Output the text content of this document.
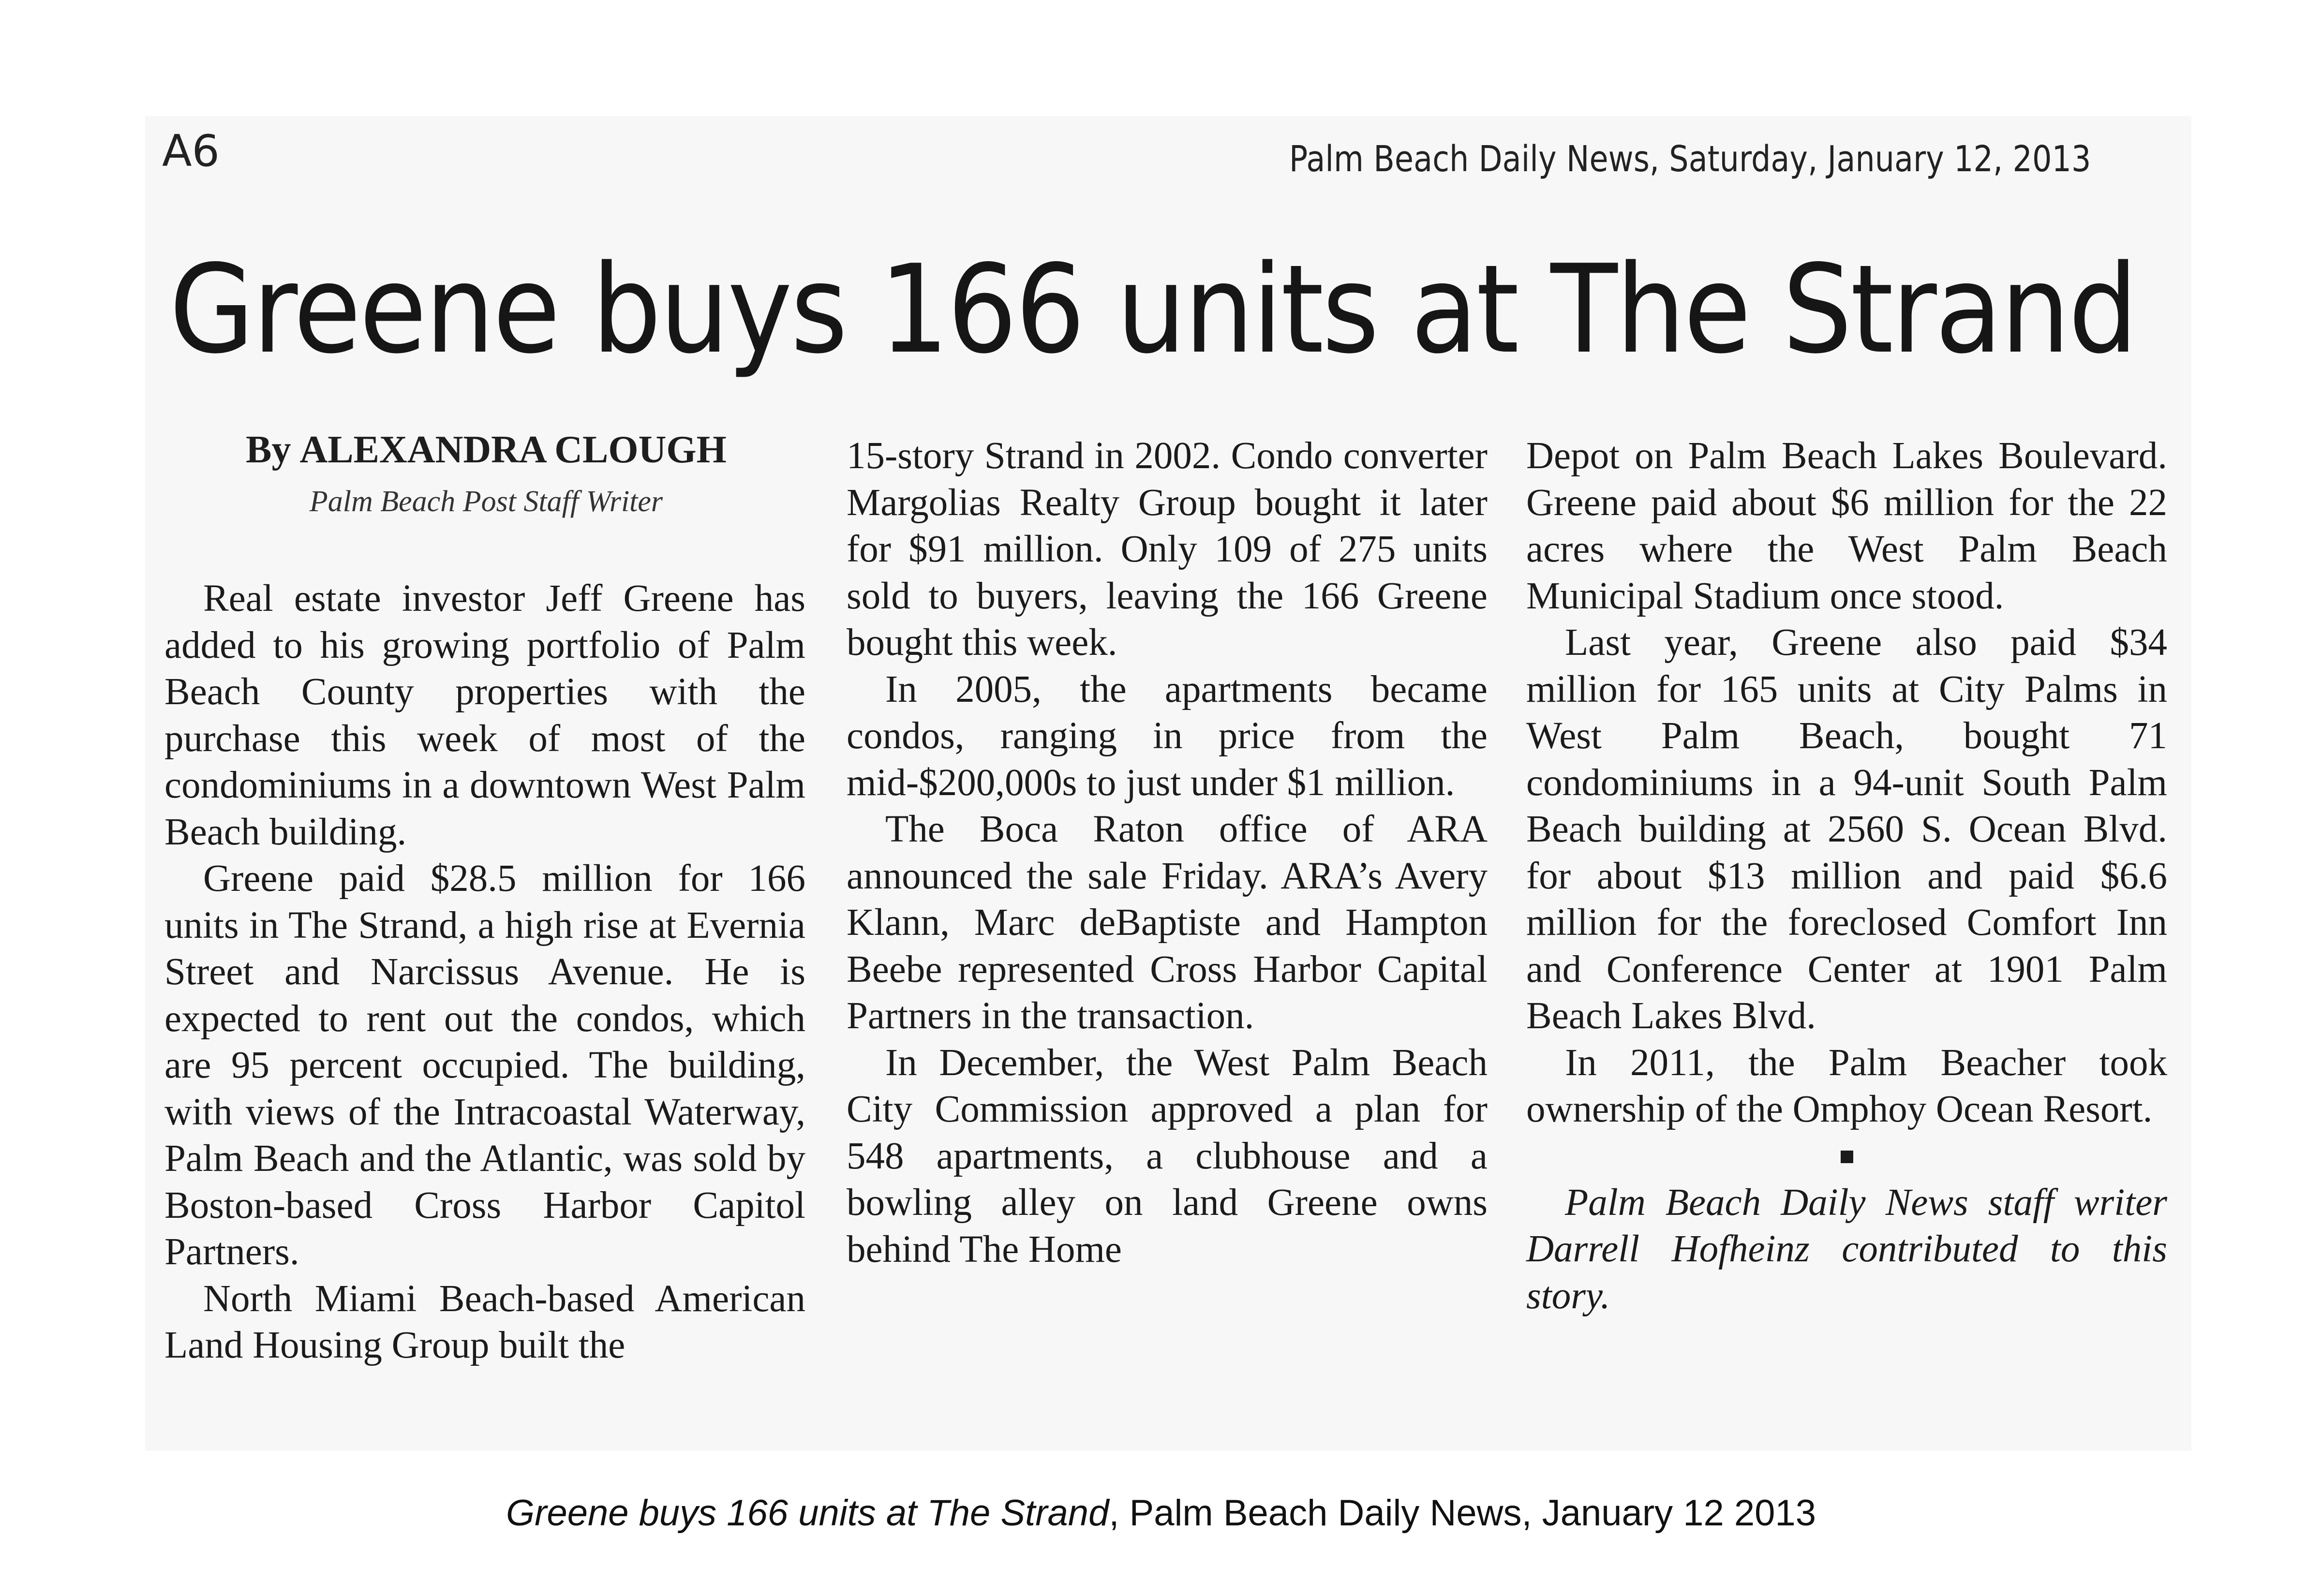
A6	Palm Beach Daily News, Saturday, January 12, 2013
Greene buys 166 units at The Strand
By ALEXANDRA CLOUGH
Palm Beach Post Staff Writer

Real estate investor Jeff Greene has added to his growing portfolio of Palm Beach County properties with the purchase this week of most of the condominiums in a downtown West Palm Beach building.

Greene paid $28.5 million for 166 units in The Strand, a high rise at Evernia Street and Narcissus Avenue. He is expected to rent out the condos, which are 95 percent occupied. The building, with views of the Intracoastal Waterway, Palm Beach and the Atlantic, was sold by Boston-based Cross Harbor Capitol Partners.

North Miami Beach-based American Land Housing Group built the

15-story Strand in 2002. Condo converter Margolias Realty Group bought it later for $91 million. Only 109 of 275 units sold to buyers, leaving the 166 Greene bought this week.

In 2005, the apartments became condos, ranging in price from the mid-$200,000s to just under $1 million.

The Boca Raton office of ARA announced the sale Friday. ARA’s Avery Klann, Marc deBaptiste and Hampton Beebe represented Cross Harbor Capital Partners in the transaction.

In December, the West Palm Beach City Commission approved a plan for 548 apartments, a clubhouse and a bowling alley on land Greene owns behind The Home

Depot on Palm Beach Lakes Boulevard. Greene paid about $6 million for the 22 acres where the West Palm Beach Municipal Stadium once stood.

Last year, Greene also paid $34 million for 165 units at City Palms in West Palm Beach, bought 71 condominiums in a 94-unit South Palm Beach building at 2560 S. Ocean Blvd. for about $13 million and paid $6.6 million for the foreclosed Comfort Inn and Conference Center at 1901 Palm Beach Lakes Blvd.

In 2011, the Palm Beacher took ownership of the Omphoy Ocean Resort.

Palm Beach Daily News staff writer Darrell Hofheinz contributed to this story.

Greene buys 166 units at The Strand, Palm Beach Daily News, January 12 2013
